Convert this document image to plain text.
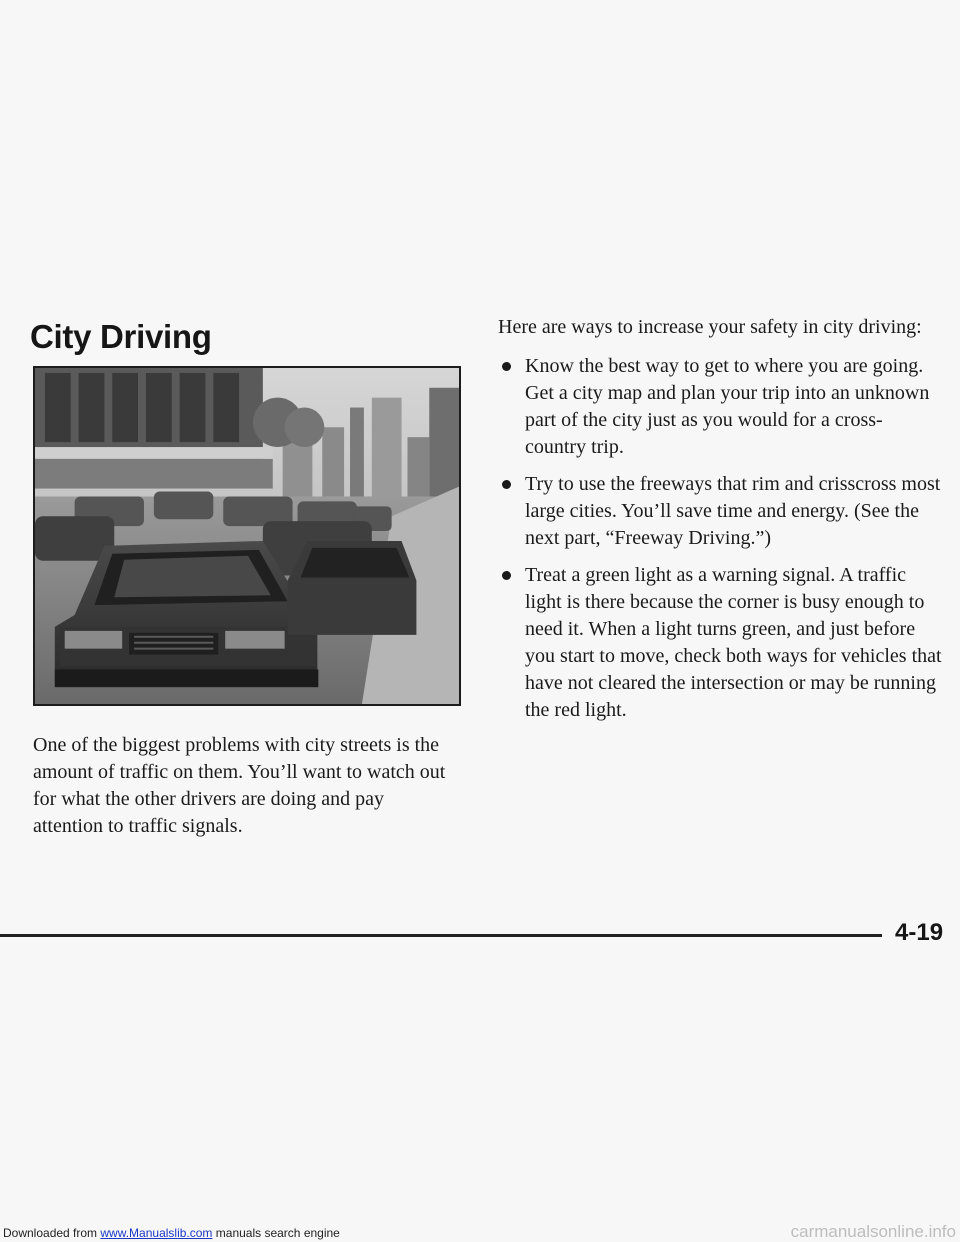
City Driving

One of the biggest problems with city streets is the amount of traffic on them. You’ll want to watch out for what the other drivers are doing and pay attention to traffic signals.

Here are ways to increase your safety in city driving:

Know the best way to get to where you are going. Get a city map and plan your trip into an unknown part of the city just as you would for a cross-country trip.
Try to use the freeways that rim and crisscross most large cities. You’ll save time and energy. (See the next part, “Freeway Driving.”)
Treat a green light as a warning signal. A traffic light is there because the corner is busy enough to need it. When a light turns green, and just before you start to move, check both ways for vehicles that have not cleared the intersection or may be running the red light.
4-19
Downloaded from www.Manualslib.com manuals search engine	carmanualsonline.info
